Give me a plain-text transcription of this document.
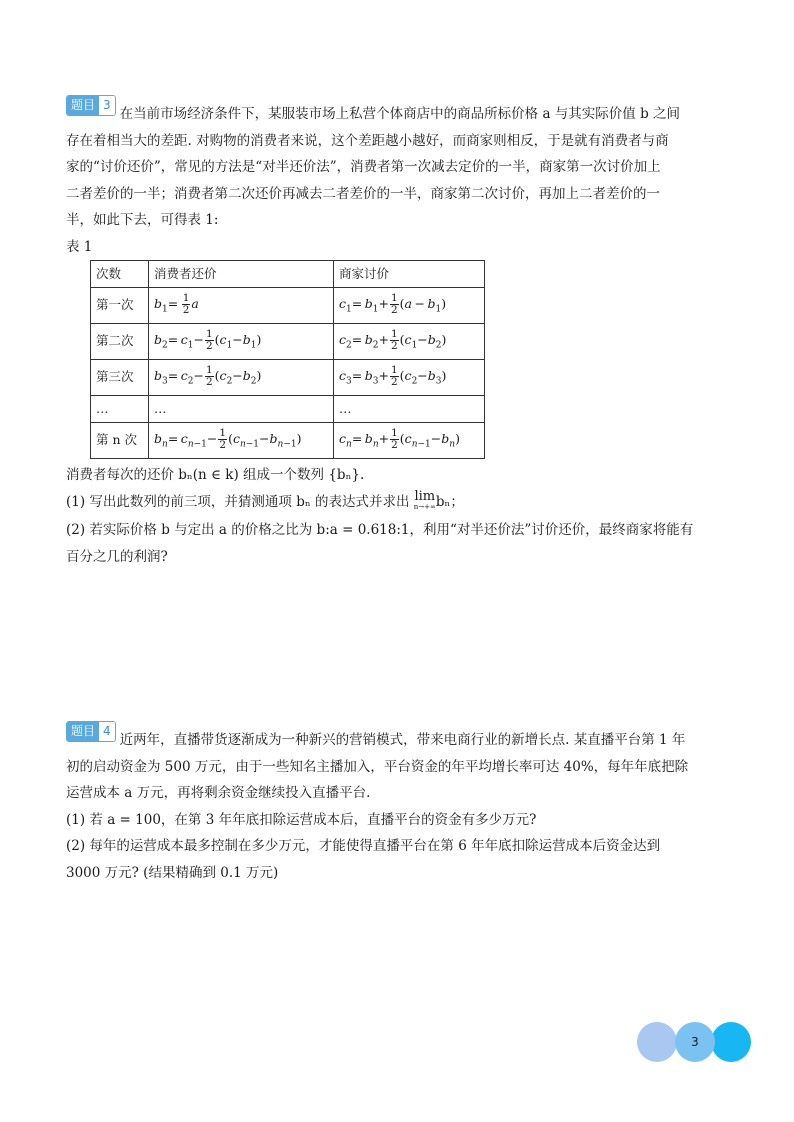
题目 3在当前市场经济条件下，某服装市场上私营个体商店中的商品所标价格 a 与其实际价值 b 之间

存在着相当大的差距. 对购物的消费者来说，这个差距越小越好，而商家则相反，于是就有消费者与商

家的“讨价还价”，常见的方法是“对半还价法”，消费者第一次减去定价的一半，商家第一次讨价加上

二者差价的一半；消费者第二次还价再减去二者差价的一半，商家第二次讨价，再加上二者差价的一

半，如此下去，可得表 1:

表 1

次数	消费者还价	商家讨价
第一次	$b_1= \frac{1}{2}$ a	$c_1= b_1+ \frac{1}{2} (a - b_1)$
第二次	$b_2= c_1- \frac{1}{2} (c_1-b_1)$	$c_2= b_2+ \frac{1}{2} (c_1-b_2)$
第三次	$b_3= c_2- \frac{1}{2} (c_2-b_2)$	$c_3= b_3+ \frac{1}{2} (c_2-b_3)$
…	…	…
第 n 次	$b_n= c_{n-1}- \frac{1}{2} (c_{n-1}-b_{n-1})$	$c_n= b_n+ \frac{1}{2} (c_{n-1}-b_n)$

消费者每次的还价 bₙ(n ∈ k) 组成一个数列 {bₙ}.

(1) 写出此数列的前三项，并猜测通项 bₙ 的表达式并求出 lim
n→+∞ bₙ；

(2) 若实际价格 b 与定出 a 的价格之比为 b:a = 0.618:1，利用“对半还价法”讨价还价，最终商家将能有

百分之几的利润?

题目 4近两年，直播带货逐渐成为一种新兴的营销模式，带来电商行业的新增长点. 某直播平台第 1 年

初的启动资金为 500 万元，由于一些知名主播加入，平台资金的年平均增长率可达 40%，每年年底把除

运营成本 a 万元，再将剩余资金继续投入直播平台.

(1) 若 a = 100，在第 3 年年底扣除运营成本后，直播平台的资金有多少万元?

(2) 每年的运营成本最多控制在多少万元，才能使得直播平台在第 6 年年底扣除运营成本后资金达到

3000 万元? (结果精确到 0.1 万元)

3
